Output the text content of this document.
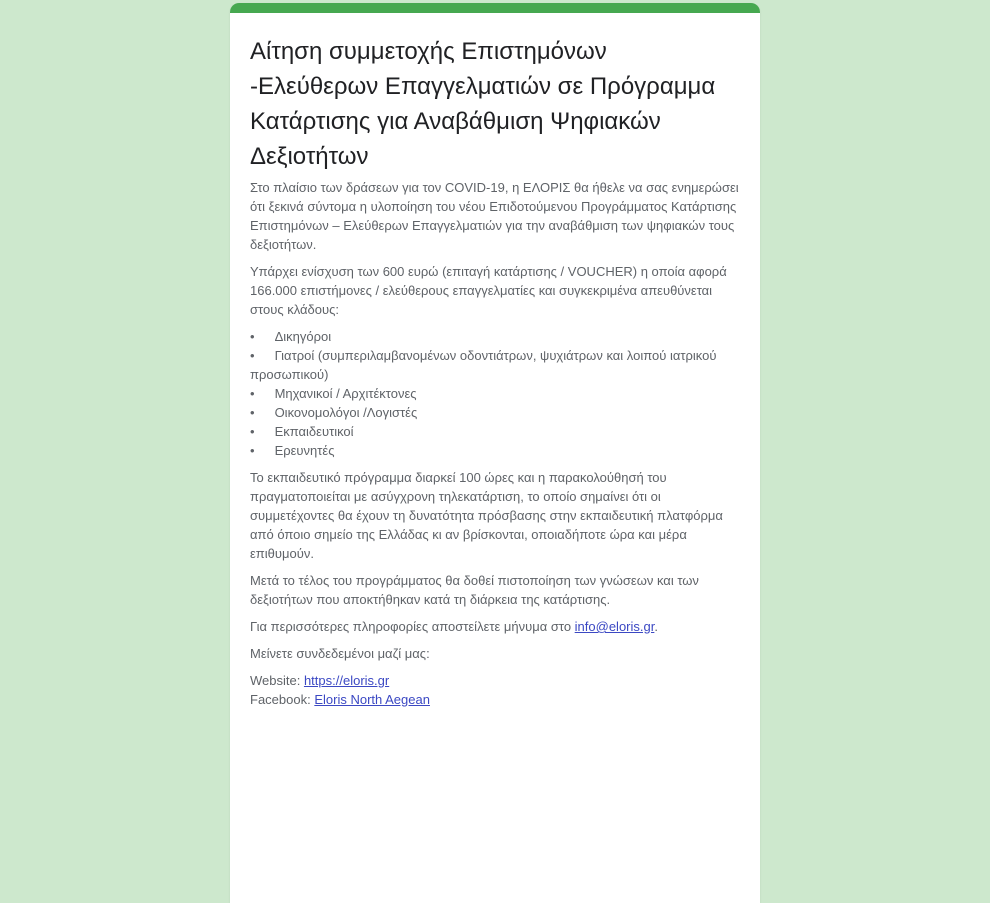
Αίτηση συμμετοχής Επιστημόνων -Ελεύθερων Επαγγελματιών σε Πρόγραμμα Κατάρτισης για Αναβάθμιση Ψηφιακών Δεξιοτήτων

Στο πλαίσιο των δράσεων για τον COVID-19, η ΕΛΟΡΙΣ θα ήθελε να σας ενημερώσει ότι ξεκινά σύντομα η υλοποίηση του νέου Επιδοτούμενου Προγράμματος Κατάρτισης Επιστημόνων – Ελεύθερων Επαγγελματιών για την αναβάθμιση των ψηφιακών τους δεξιοτήτων.

Υπάρχει ενίσχυση των 600 ευρώ (επιταγή κατάρτισης / VOUCHER) η οποία αφορά 166.000 επιστήμονες / ελεύθερους επαγγελματίες και συγκεκριμένα απευθύνεται στους κλάδους:

• Δικηγόροι
• Γιατροί (συμπεριλαμβανομένων οδοντιάτρων, ψυχιάτρων και λοιπού ιατρικού προσωπικού)
• Μηχανικοί / Αρχιτέκτονες
• Οικονομολόγοι /Λογιστές
• Εκπαιδευτικοί
• Ερευνητές

Το εκπαιδευτικό πρόγραμμα διαρκεί 100 ώρες και η παρακολούθησή του πραγματοποιείται με ασύγχρονη τηλεκατάρτιση, το οποίο σημαίνει ότι οι συμμετέχοντες θα έχουν τη δυνατότητα πρόσβασης στην εκπαιδευτική πλατφόρμα από όποιο σημείο της Ελλάδας κι αν βρίσκονται, οποιαδήποτε ώρα και μέρα επιθυμούν.

Μετά το τέλος του προγράμματος θα δοθεί πιστοποίηση των γνώσεων και των δεξιοτήτων που αποκτήθηκαν κατά τη διάρκεια της κατάρτισης.

Για περισσότερες πληροφορίες αποστείλετε μήνυμα στο info@eloris.gr.

Μείνετε συνδεδεμένοι μαζί μας:

Website: https://eloris.gr
Facebook: Eloris North Aegean
